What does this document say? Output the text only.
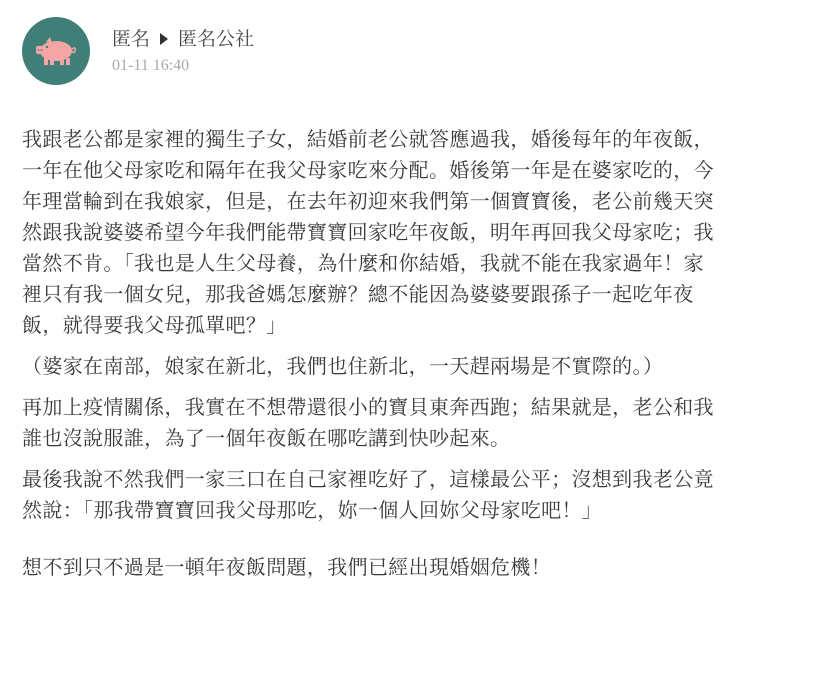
匿名 匿名公社
01-11 16:40

我跟老公都是家裡的獨生子女，結婚前老公就答應過我，婚後每年的年夜飯，
一年在他父母家吃和隔年在我父母家吃來分配。婚後第一年是在婆家吃的，今
年理當輪到在我娘家，但是，在去年初迎來我們第一個寶寶後，老公前幾天突
然跟我說婆婆希望今年我們能帶寶寶回家吃年夜飯，明年再回我父母家吃；我
當然不肯。「我也是人生父母養，為什麼和你結婚，我就不能在我家過年！家
裡只有我一個女兒，那我爸媽怎麼辦？總不能因為婆婆要跟孫子一起吃年夜
飯，就得要我父母孤單吧？」

（婆家在南部，娘家在新北，我們也住新北，一天趕兩場是不實際的。）

再加上疫情關係，我實在不想帶還很小的寶貝東奔西跑；結果就是，老公和我
誰也沒說服誰，為了一個年夜飯在哪吃講到快吵起來。

最後我說不然我們一家三口在自己家裡吃好了，這樣最公平；沒想到我老公竟
然說：「那我帶寶寶回我父母那吃，妳一個人回妳父母家吃吧！」

想不到只不過是一頓年夜飯問題，我們已經出現婚姻危機！
